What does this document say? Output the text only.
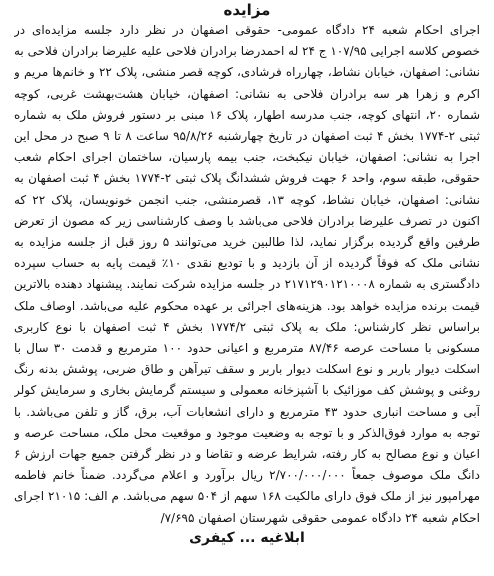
مزایده

اجرای احکام شعبه ۲۴ دادگاه عمومی- حقوقی اصفهان در نظر دارد جلسه مزایده‌ای در خصوص کلاسه اجرایی ۱۰۷/۹۵ ج ۲۴ له احمدرضا برادران فلاحی علیه علیرضا برادران فلاحی به نشانی: اصفهان، خیابان نشاط، چهارراه فرشادی، کوچه قصر منشی، پلاک ۲۲ و خانم‌ها مریم و اکرم و زهرا هر سه برادران فلاحی به نشانی: اصفهان، خیابان هشت‌بهشت غربی، کوچه شماره ۲۰، انتهای کوچه، جنب مدرسه اطهار، پلاک ۱۶ مبنی بر دستور فروش ملک به شماره ثبتی ۲-۱۷۷۴ بخش ۴ ثبت اصفهان در تاریخ چهارشنبه ۹۵/۸/۲۶ ساعت ۸ تا ۹ صبح در محل این اجرا به نشانی: اصفهان، خیابان نیکبخت، جنب بیمه پارسیان، ساختمان اجرای احکام شعب حقوقی، طبقه سوم، واحد ۶ جهت فروش ششدانگ پلاک ثبتی ۲-۱۷۷۴ بخش ۴ ثبت اصفهان به نشانی: اصفهان، خیابان نشاط، کوچه ۱۳، قصرمنشی، جنب انجمن خونویسان، پلاک ۲۲ که اکنون در تصرف علیرضا برادران فلاحی می‌باشد با وصف کارشناسی زیر که مصون از تعرض طرفین واقع گردیده برگزار نماید، لذا طالبین خرید می‌توانند ۵ روز قبل از جلسه مزایده به نشانی ملک که فوقاً گردیده از آن بازدید و با تودیع نقدی ۱۰٪ قیمت پایه به حساب سپرده دادگستری به شماره ۲۱۷۱۲۹۰۱۲۱۰۰۰۸ در جلسه مزایده شرکت نمایند. پیشنهاد دهنده بالاترین قیمت برنده مزایده خواهد بود. هزینه‌های اجرائی بر عهده محکوم علیه می‌باشد. اوصاف ملک براساس نظر کارشناس: ملک به پلاک ثبتی ۱۷۷۴/۲ بخش ۴ ثبت اصفهان با نوع کاربری مسکونی با مساحت عرصه ۸۷/۴۶ مترمربع و اعیانی حدود ۱۰۰ مترمربع و قدمت ۳۰ سال با اسکلت دیوار باربر و نوع اسکلت دیوار باربر و سقف تیرآهن و طاق ضربی، پوشش بدنه رنگ روغنی و پوشش کف موزائیک با آشپزخانه معمولی و سیستم گرمایش بخاری و سرمایش کولر آبی و مساحت انباری حدود ۴۳ مترمربع و دارای انشعابات آب، برق، گاز و تلفن می‌باشد. با توجه به موارد فوق‌الذکر و با توجه به وضعیت موجود و موقعیت محل ملک، مساحت عرصه و اعیان و نوع مصالح به کار رفته، شرایط عرضه و تقاضا و در نظر گرفتن جمیع جهات ارزش ۶ دانگ ملک موصوف جمعاً ۲/۷۰۰/۰۰۰/۰۰۰ ریال برآورد و اعلام می‌گردد. ضمناً خانم فاطمه مهرامپور نیز از ملک فوق دارای مالکیت ۱۶۸ سهم از ۵۰۴ سهم می‌باشد. م الف: ۲۱۰۱۵ اجرای احکام شعبه ۲۴ دادگاه عمومی حقوقی شهرستان اصفهان ۷/۶۹۵/

ابلاغیه ... کیفری
